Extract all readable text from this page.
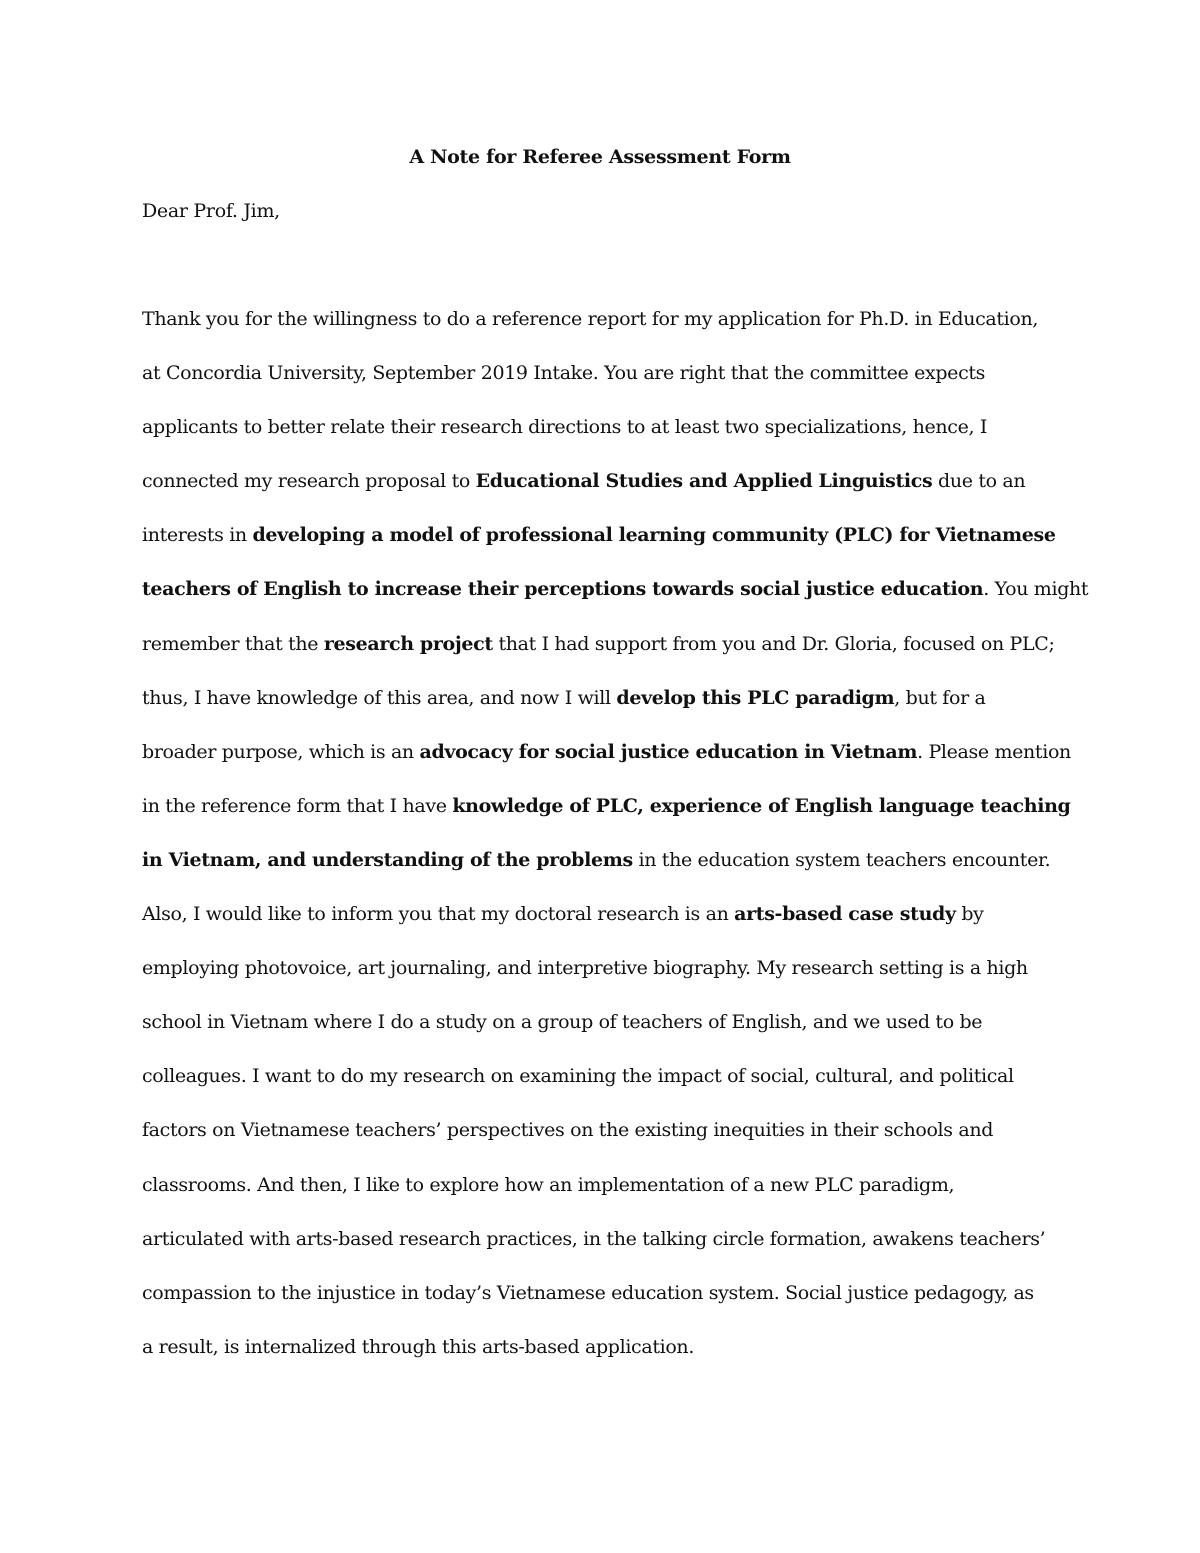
A Note for Referee Assessment Form
Dear Prof. Jim,
Thank you for the willingness to do a reference report for my application for Ph.D. in Education,
at Concordia University, September 2019 Intake. You are right that the committee expects
applicants to better relate their research directions to at least two specializations, hence, I
connected my research proposal to Educational Studies and Applied Linguistics due to an
interests in developing a model of professional learning community (PLC) for Vietnamese
teachers of English to increase their perceptions towards social justice education. You might
remember that the research project that I had support from you and Dr. Gloria, focused on PLC;
thus, I have knowledge of this area, and now I will develop this PLC paradigm, but for a
broader purpose, which is an advocacy for social justice education in Vietnam. Please mention
in the reference form that I have knowledge of PLC, experience of English language teaching
in Vietnam, and understanding of the problems in the education system teachers encounter.
Also, I would like to inform you that my doctoral research is an arts-based case study by
employing photovoice, art journaling, and interpretive biography. My research setting is a high
school in Vietnam where I do a study on a group of teachers of English, and we used to be
colleagues. I want to do my research on examining the impact of social, cultural, and political
factors on Vietnamese teachers’ perspectives on the existing inequities in their schools and
classrooms. And then, I like to explore how an implementation of a new PLC paradigm,
articulated with arts-based research practices, in the talking circle formation, awakens teachers’
compassion to the injustice in today’s Vietnamese education system. Social justice pedagogy, as
a result, is internalized through this arts-based application.
